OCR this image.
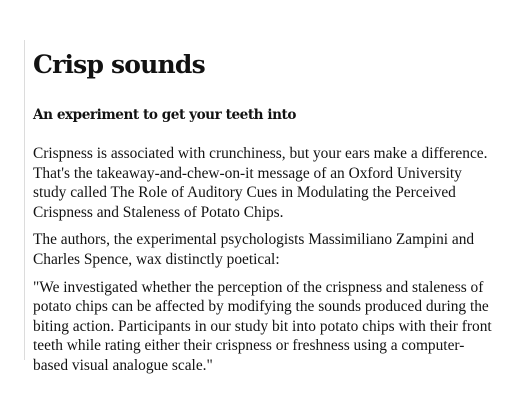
Crisp sounds
An experiment to get your teeth into

Crispness is associated with crunchiness, but your ears make a difference. That's the takeaway-and-chew-on-it message of an Oxford University study called The Role of Auditory Cues in Modulating the Perceived Crispness and Staleness of Potato Chips.

The authors, the experimental psychologists Massimiliano Zampini and Charles Spence, wax distinctly poetical:

"We investigated whether the perception of the crispness and staleness of potato chips can be affected by modifying the sounds produced during the biting action. Participants in our study bit into potato chips with their front teeth while rating either their crispness or freshness using a computer-based visual analogue scale."
